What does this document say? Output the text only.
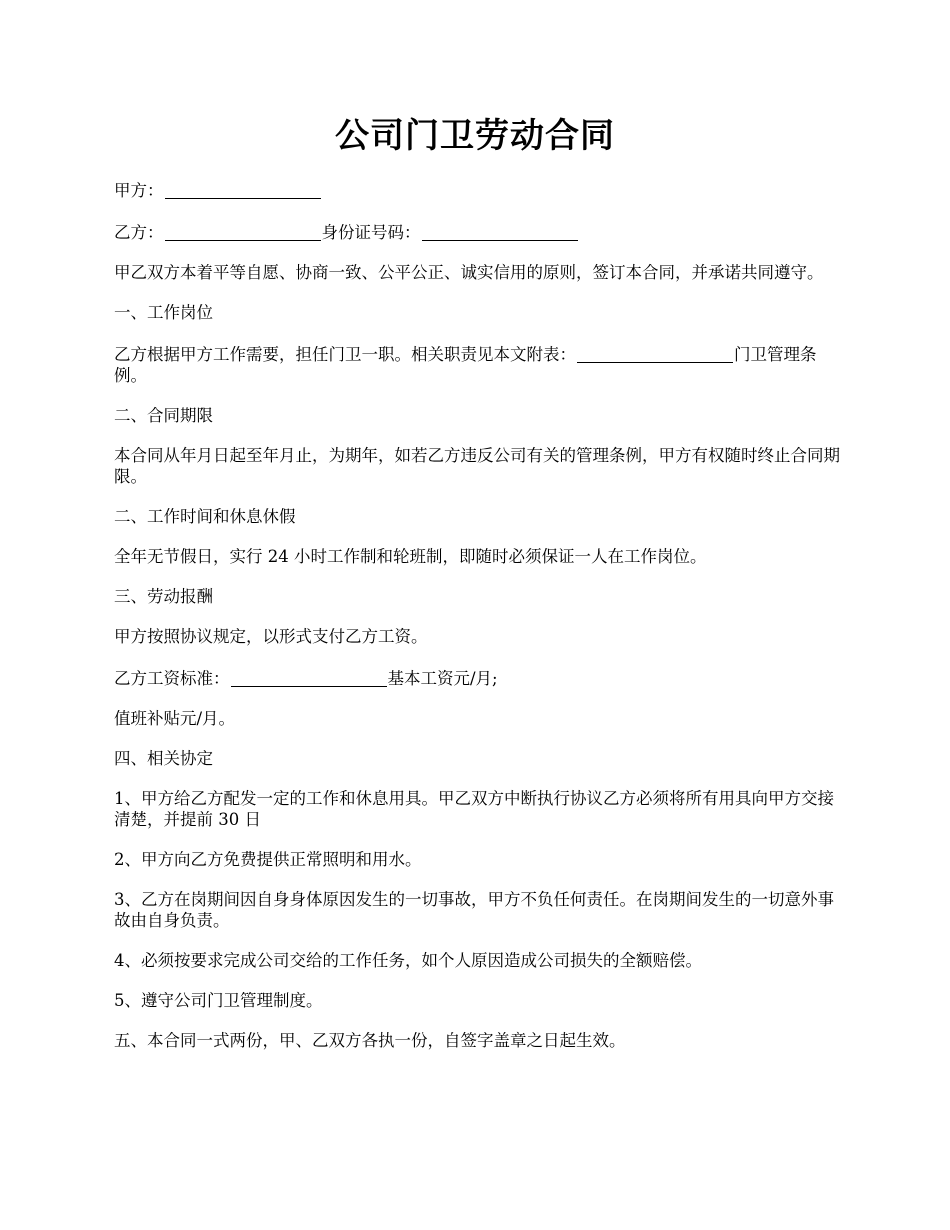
公司门卫劳动合同

甲方：

乙方：	身份证号码：

甲乙双方本着平等自愿、协商一致、公平公正、诚实信用的原则，签订本合同，并承诺共同遵守。

一、工作岗位

乙方根据甲方工作需要，担任门卫一职。相关职责见本文附表：	门卫管理条例。

二、合同期限

本合同从年月日起至年月止，为期年，如若乙方违反公司有关的管理条例，甲方有权随时终止合同期限。

二、工作时间和休息休假

全年无节假日，实行 24 小时工作制和轮班制，即随时必须保证一人在工作岗位。

三、劳动报酬

甲方按照协议规定，以形式支付乙方工资。

乙方工资标准：	基本工资元/月;

值班补贴元/月。

四、相关协定

1、甲方给乙方配发一定的工作和休息用具。甲乙双方中断执行协议乙方必须将所有用具向甲方交接清楚，并提前 30 日

2、甲方向乙方免费提供正常照明和用水。

3、乙方在岗期间因自身身体原因发生的一切事故，甲方不负任何责任。在岗期间发生的一切意外事故由自身负责。

4、必须按要求完成公司交给的工作任务，如个人原因造成公司损失的全额赔偿。

5、遵守公司门卫管理制度。

五、本合同一式两份，甲、乙双方各执一份，自签字盖章之日起生效。
